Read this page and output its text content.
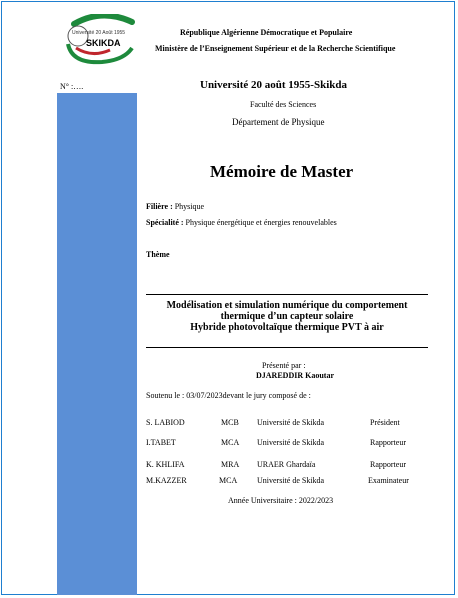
Université 20 Août 1955
SKIKDA
République Algérienne Démocratique et Populaire
Ministère de l’Enseignement Supérieur et de la Recherche Scientifique
N° :….	Université 20 août 1955-Skikda
Faculté des Sciences
Département de Physique
Mémoire de Master
Filière : Physique
Spécialité : Physique énergétique et énergies renouvelables
Thème
Modélisation et simulation numérique du comportement
thermique d’un capteur solaire
Hybride photovoltaïque thermique PVT à air
Présenté par :
DJAREDDIR Kaoutar
Soutenu le : 03/07/2023devant le jury composé de :
S. LABIOD	MCB Université de Skikda	Président
I.TABET	MCA Université de Skikda	Rapporteur
K. KHLIFA	MRA URAER Ghardaïa	Rapporteur
M.KAZZER	MCA Université de Skikda	Examinateur
Année Universitaire : 2022/2023
